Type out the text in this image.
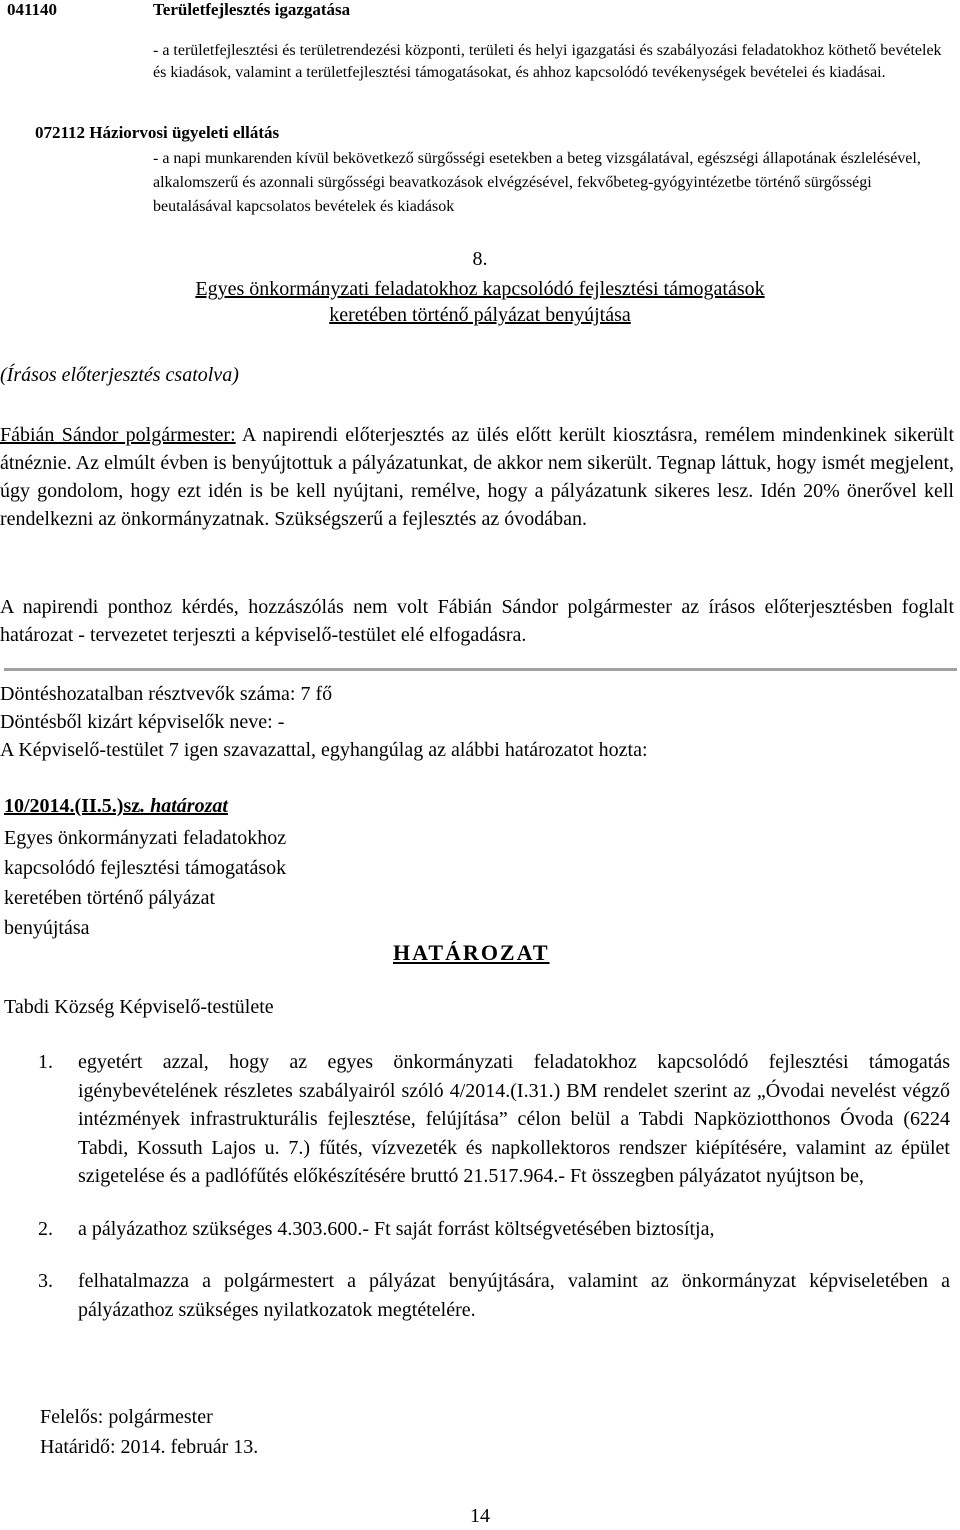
041140	Területfejlesztés igazgatása
- a területfejlesztési és területrendezési központi, területi és helyi igazgatási és szabályozási feladatokhoz köthető bevételek és kiadások, valamint a területfejlesztési támogatásokat, és ahhoz kapcsolódó tevékenységek bevételei és kiadásai.
072112 Háziorvosi ügyeleti ellátás
- a napi munkarenden kívül bekövetkező sürgősségi esetekben a beteg vizsgálatával, egészségi állapotának észlelésével, alkalomszerű és azonnali sürgősségi beavatkozások elvégzésével, fekvőbeteg-gyógyintézetbe történő sürgősségi beutalásával kapcsolatos bevételek és kiadások
8.
Egyes önkormányzati feladatokhoz kapcsolódó fejlesztési támogatások
keretében történő pályázat benyújtása
(Írásos előterjesztés csatolva)
Fábián Sándor polgármester: A napirendi előterjesztés az ülés előtt került kiosztásra, remélem mindenkinek sikerült átnéznie. Az elmúlt évben is benyújtottuk a pályázatunkat, de akkor nem sikerült. Tegnap láttuk, hogy ismét megjelent, úgy gondolom, hogy ezt idén is be kell nyújtani, remélve, hogy a pályázatunk sikeres lesz. Idén 20% önerővel kell rendelkezni az önkormányzatnak. Szükségszerű a fejlesztés az óvodában.
A napirendi ponthoz kérdés, hozzászólás nem volt Fábián Sándor polgármester az írásos előterjesztésben foglalt határozat - tervezetet terjeszti a képviselő-testület elé elfogadásra.
Döntéshozatalban résztvevők száma: 7 fő
Döntésből kizárt képviselők neve: -
A Képviselő-testület 7 igen szavazattal, egyhangúlag az alábbi határozatot hozta:
10/2014.(II.5.)sz. határozat
Egyes önkormányzati feladatokhoz
kapcsolódó fejlesztési támogatások
keretében történő pályázat
benyújtása
HATÁROZAT
Tabdi Község Képviselő-testülete
1. egyetért azzal, hogy az egyes önkormányzati feladatokhoz kapcsolódó fejlesztési támogatás igénybevételének részletes szabályairól szóló 4/2014.(I.31.) BM rendelet szerint az „Óvodai nevelést végző intézmények infrastrukturális fejlesztése, felújítása” célon belül a Tabdi Napköziotthonos Óvoda (6224 Tabdi, Kossuth Lajos u. 7.) fűtés, vízvezeték és napkollektoros rendszer kiépítésére, valamint az épület szigetelése és a padlófűtés előkészítésére bruttó 21.517.964.- Ft összegben pályázatot nyújtson be,
2. a pályázathoz szükséges 4.303.600.- Ft saját forrást költségvetésében biztosítja,
3. felhatalmazza a polgármestert a pályázat benyújtására, valamint az önkormányzat képviseletében a pályázathoz szükséges nyilatkozatok megtételére.
Felelős: polgármester
Határidő: 2014. február 13.
14
